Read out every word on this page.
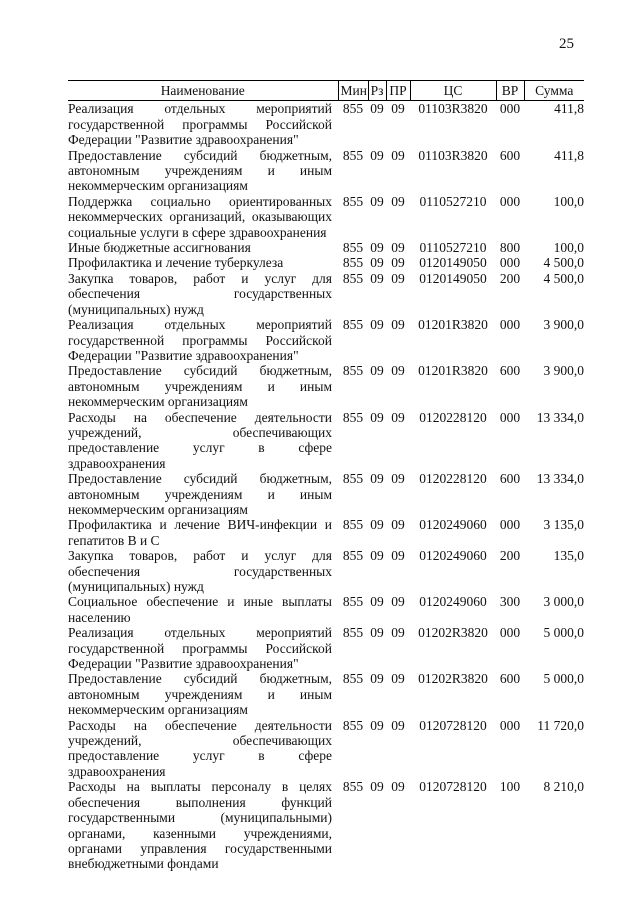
25
Наименование	Мин	Рз	ПР	ЦС	ВР	Сумма
Реализация отдельных мероприятий государственной программы Российской Федерации "Развитие здравоохранения"	855	09	09	01103R3820	000	411,8
Предоставление субсидий бюджетным, автономным учреждениям и иным некоммерческим организациям	855	09	09	01103R3820	600	411,8
Поддержка социально ориентированных некоммерческих организаций, оказывающих социальные услуги в сфере здравоохранения	855	09	09	0110527210	000	100,0
Иные бюджетные ассигнования	855	09	09	0110527210	800	100,0
Профилактика и лечение туберкулеза	855	09	09	0120149050	000	4 500,0
Закупка товаров, работ и услуг для обеспечения государственных (муниципальных) нужд	855	09	09	0120149050	200	4 500,0
Реализация отдельных мероприятий государственной программы Российской Федерации "Развитие здравоохранения"	855	09	09	01201R3820	000	3 900,0
Предоставление субсидий бюджетным, автономным учреждениям и иным некоммерческим организациям	855	09	09	01201R3820	600	3 900,0
Расходы на обеспечение деятельности учреждений, обеспечивающих предоставление услуг в сфере здравоохранения	855	09	09	0120228120	000	13 334,0
Предоставление субсидий бюджетным, автономным учреждениям и иным некоммерческим организациям	855	09	09	0120228120	600	13 334,0
Профилактика и лечение ВИЧ-инфекции и гепатитов В и С	855	09	09	0120249060	000	3 135,0
Закупка товаров, работ и услуг для обеспечения государственных (муниципальных) нужд	855	09	09	0120249060	200	135,0
Социальное обеспечение и иные выплаты населению	855	09	09	0120249060	300	3 000,0
Реализация отдельных мероприятий государственной программы Российской Федерации "Развитие здравоохранения"	855	09	09	01202R3820	000	5 000,0
Предоставление субсидий бюджетным, автономным учреждениям и иным некоммерческим организациям	855	09	09	01202R3820	600	5 000,0
Расходы на обеспечение деятельности учреждений, обеспечивающих предоставление услуг в сфере здравоохранения	855	09	09	0120728120	000	11 720,0
Расходы на выплаты персоналу в целях обеспечения выполнения функций государственными (муниципальными) органами, казенными учреждениями, органами управления государственными внебюджетными фондами	855	09	09	0120728120	100	8 210,0
